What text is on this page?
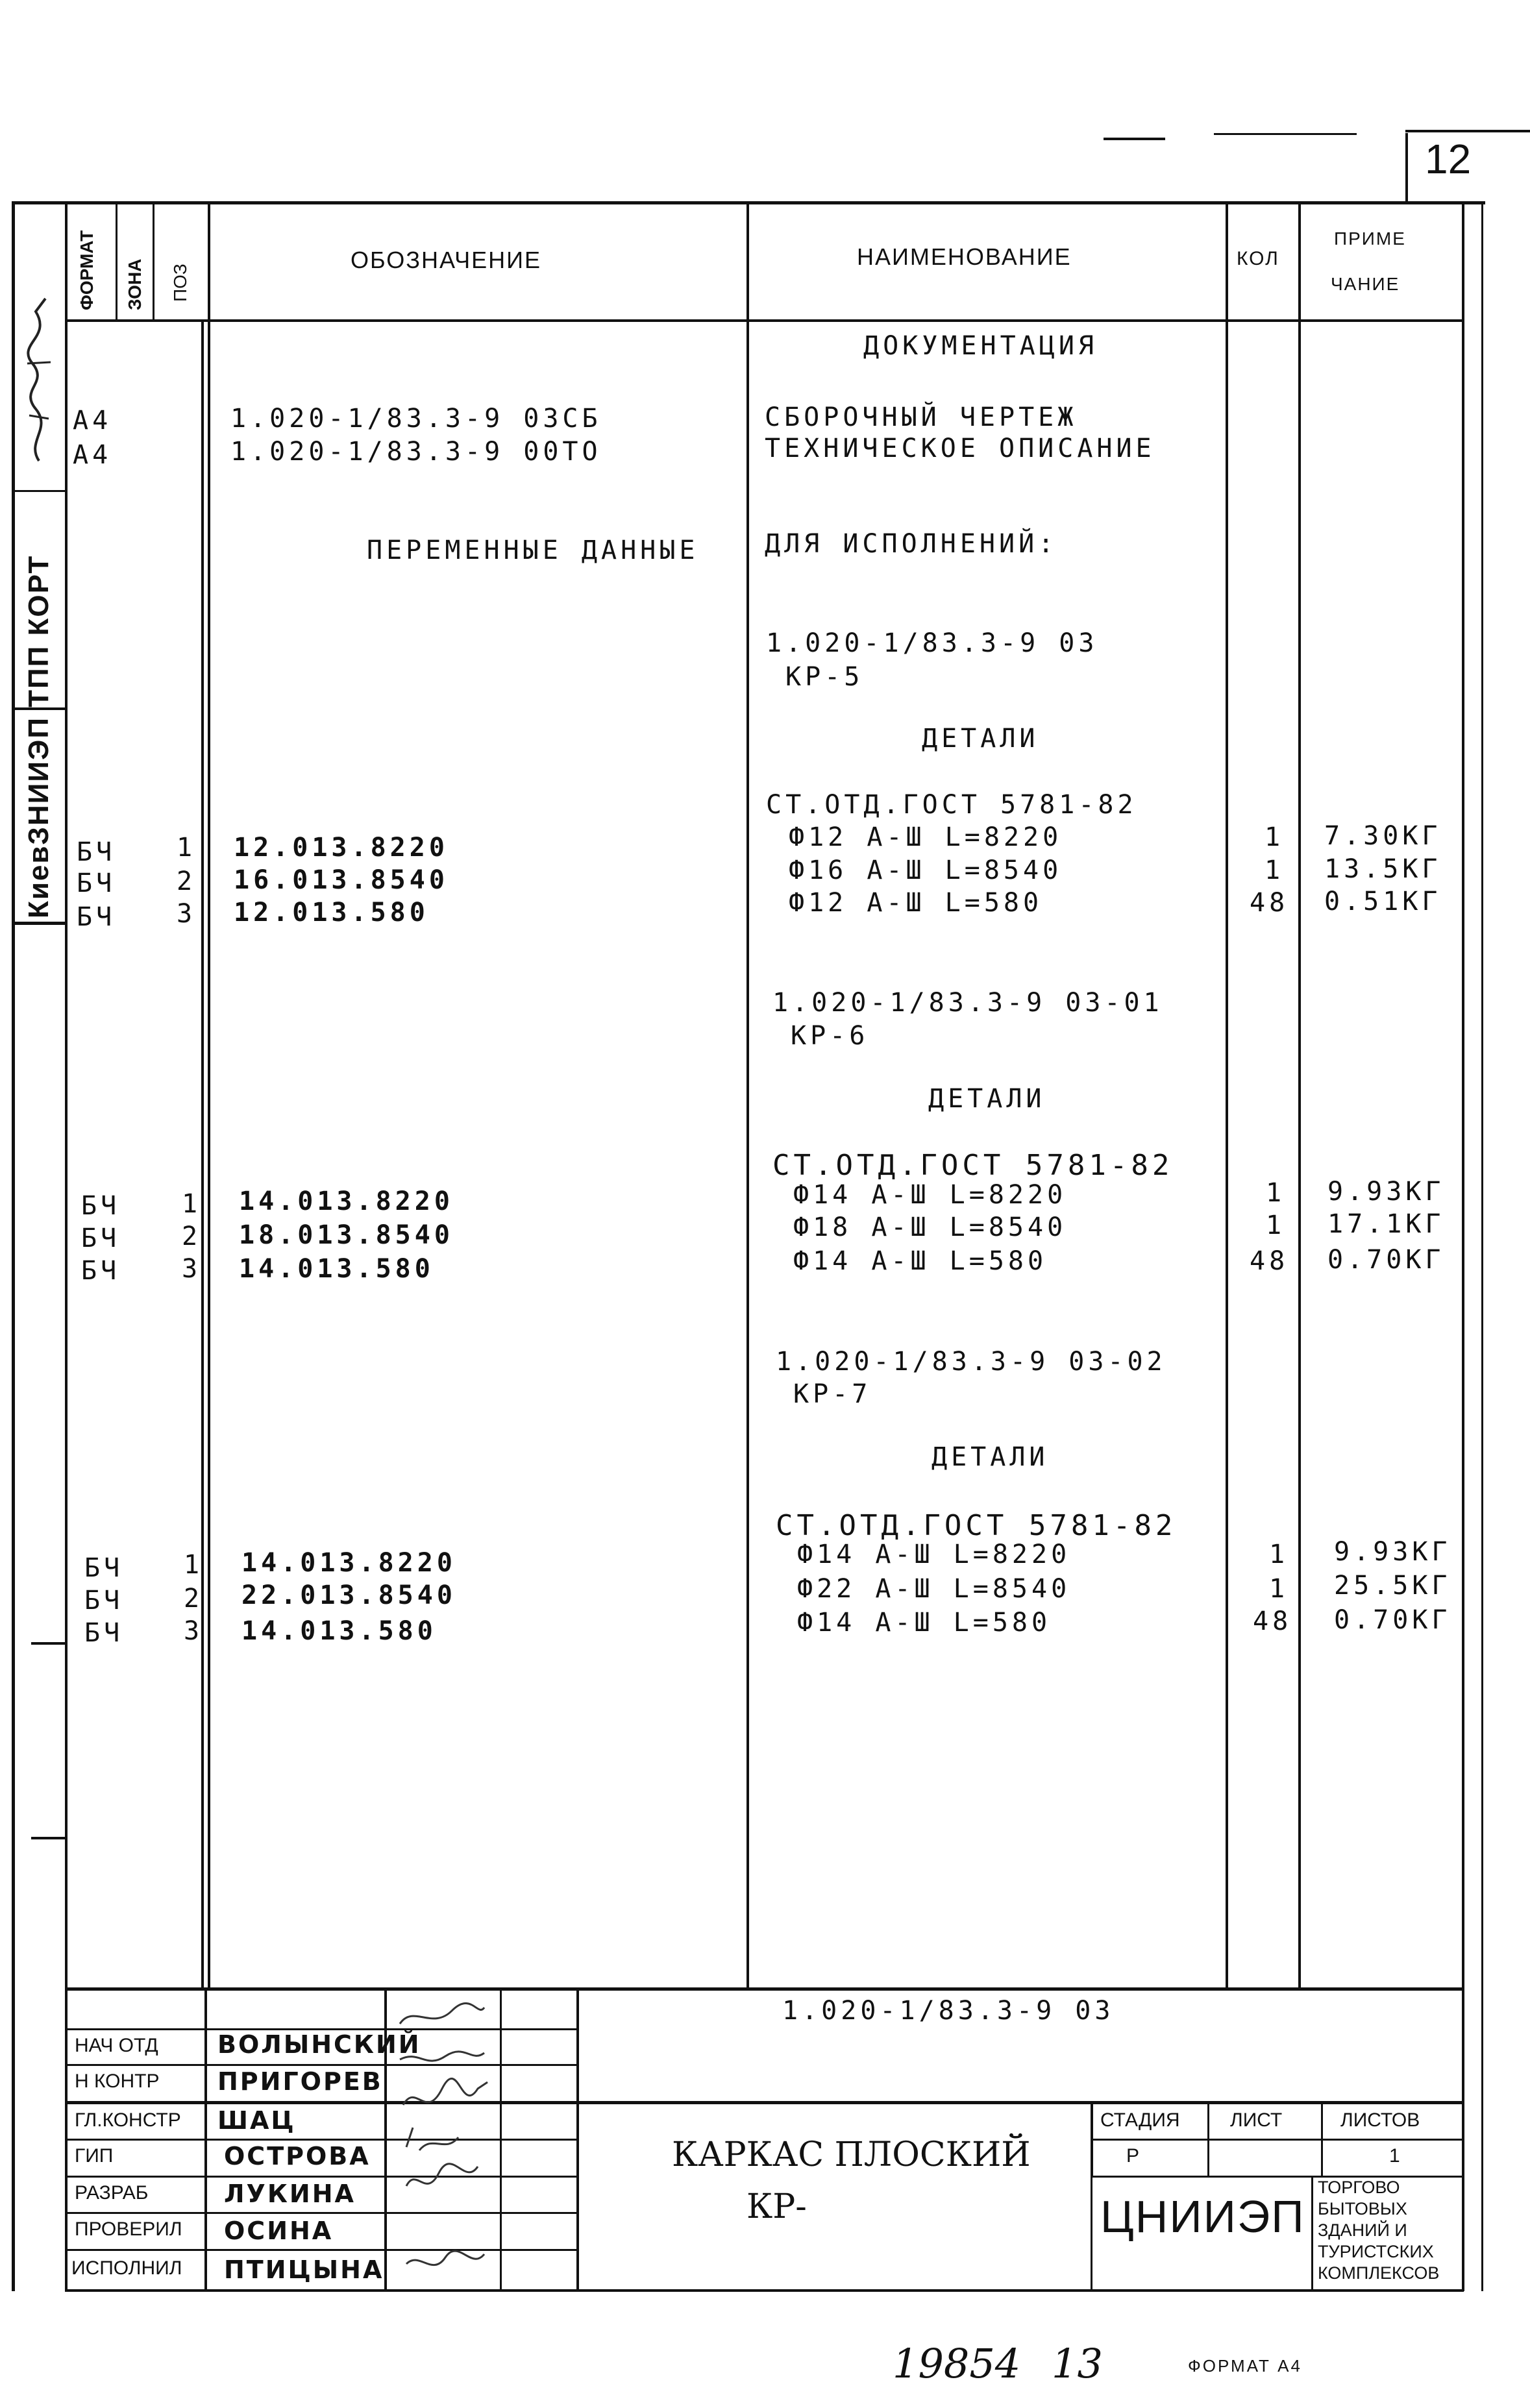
12
КиевЗНИИЭП ТПП КОРТ
ФОРМАТ ЗОНА ПОЗ
ОБОЗНАЧЕНИЕ	НАИМЕНОВАНИЕ	КОЛ
ПРИМЕ
ЧАНИЕ
ДОКУМЕНТАЦИЯ
А4	1.020-1/83.3-9 03СБ	СБОРОЧНЫЙ ЧЕРТЕЖ
А4	1.020-1/83.3-9 00ТО	ТЕХНИЧЕСКОЕ ОПИСАНИЕ
ПЕРЕМЕННЫЕ ДАННЫЕ	ДЛЯ ИСПОЛНЕНИЙ:
1.020-1/83.3-9 03
КР-5
ДЕТАЛИ
СТ.ОТД.ГОСТ 5781-82
БЧ 1 12.013.8220	Ф12 А-Ш L=8220	1 7.30КГ
БЧ 2 16.013.8540	Ф16 А-Ш L=8540	1 13.5КГ
БЧ 3 12.013.580	Ф12 А-Ш L=580	48 0.51КГ
1.020-1/83.3-9 03-01
КР-6
ДЕТАЛИ
СТ.ОТД.ГОСТ 5781-82
БЧ 1 14.013.8220	Ф14 А-Ш L=8220	1 9.93КГ
БЧ 2 18.013.8540	Ф18 А-Ш L=8540	1 17.1КГ
БЧ 3 14.013.580	Ф14 А-Ш L=580	48 0.70КГ
1.020-1/83.3-9 03-02
КР-7
ДЕТАЛИ
СТ.ОТД.ГОСТ 5781-82
БЧ 1 14.013.8220	Ф14 А-Ш L=8220	1 9.93КГ
БЧ 2 22.013.8540	Ф22 А-Ш L=8540	1 25.5КГ
БЧ 3 14.013.580	Ф14 А-Ш L=580	48 0.70КГ
1.020-1/83.3-9 03
КАРКАС ПЛОСКИЙ
КР-
СТАДИЯ	ЛИСТ	ЛИСТОВ
Р	1
ЦНИИЭП
ТОРГОВО
БЫТОВЫХ
ЗДАНИЙ И
ТУРИСТСКИХ
КОМПЛЕКСОВ
НАЧ ОТД ВОЛЫНСКИЙ
Н КОНТР ПРИГОРЕВ
ГЛ.КОНСТР ШАЦ
ГИП	ОСТРОВА
РАЗРАБ	ЛУКИНА
ПРОВЕРИЛ ОСИНА
ИСПОЛНИЛ ПТИЦЫНА
19854 13	ФОРМАТ А4
